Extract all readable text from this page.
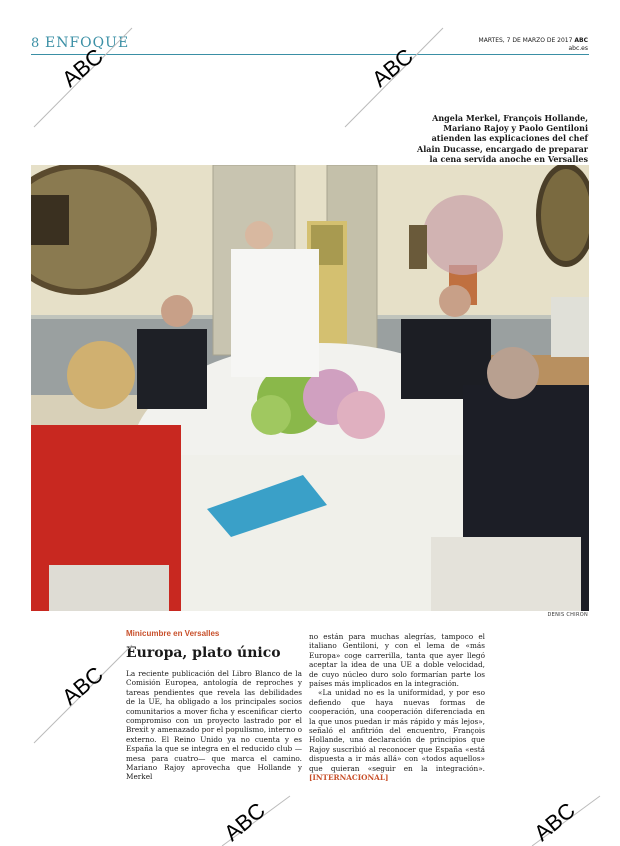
8 ENFOQUE	MARTES, 7 DE MARZO DE 2017 ABC
abc.es
Angela Merkel, François Hollande, Mariano Rajoy y Paolo Gentiloni atienden las explicaciones del chef Alain Ducasse, encargado de preparar la cena servida anoche en Versalles
DENIS CHIRON
Minicumbre en Versalles
Europa, plato único

La reciente publicación del Libro Blanco de la Comisión Europea, antología de reproches y tareas pendientes que revela las debilidades de la UE, ha obligado a los principales socios comunitarios a mover ficha y escenificar cierto compromiso con un proyecto lastrado por el Brexit y amenazado por el populismo, interno o externo. El Reino Unido ya no cuenta y es España la que se integra en el reducido club —mesa para cuatro— que marca el camino. Mariano Rajoy aprovecha que Hollande y Merkel

no están para muchas alegrías, tampoco el italiano Gentiloni, y con el lema de «más Europa» coge carrerilla, tanta que ayer llegó aceptar la idea de una UE a doble velocidad, de cuyo núcleo duro solo formarían parte los países más implicados en la integración.

«La unidad no es la uniformidad, y por eso defiendo que haya nuevas formas de cooperación, una cooperación diferenciada en la que unos puedan ir más rápido y más lejos», señaló el anfitrión del encuentro, François Hollande, una declaración de principios que Rajoy suscribió al reconocer que España «está dispuesta a ir más allá» con «todos aquellos» que quieran «seguir en la integración». [INTERNACIONAL]

ABC	ABC
ABC
ABC	ABC
